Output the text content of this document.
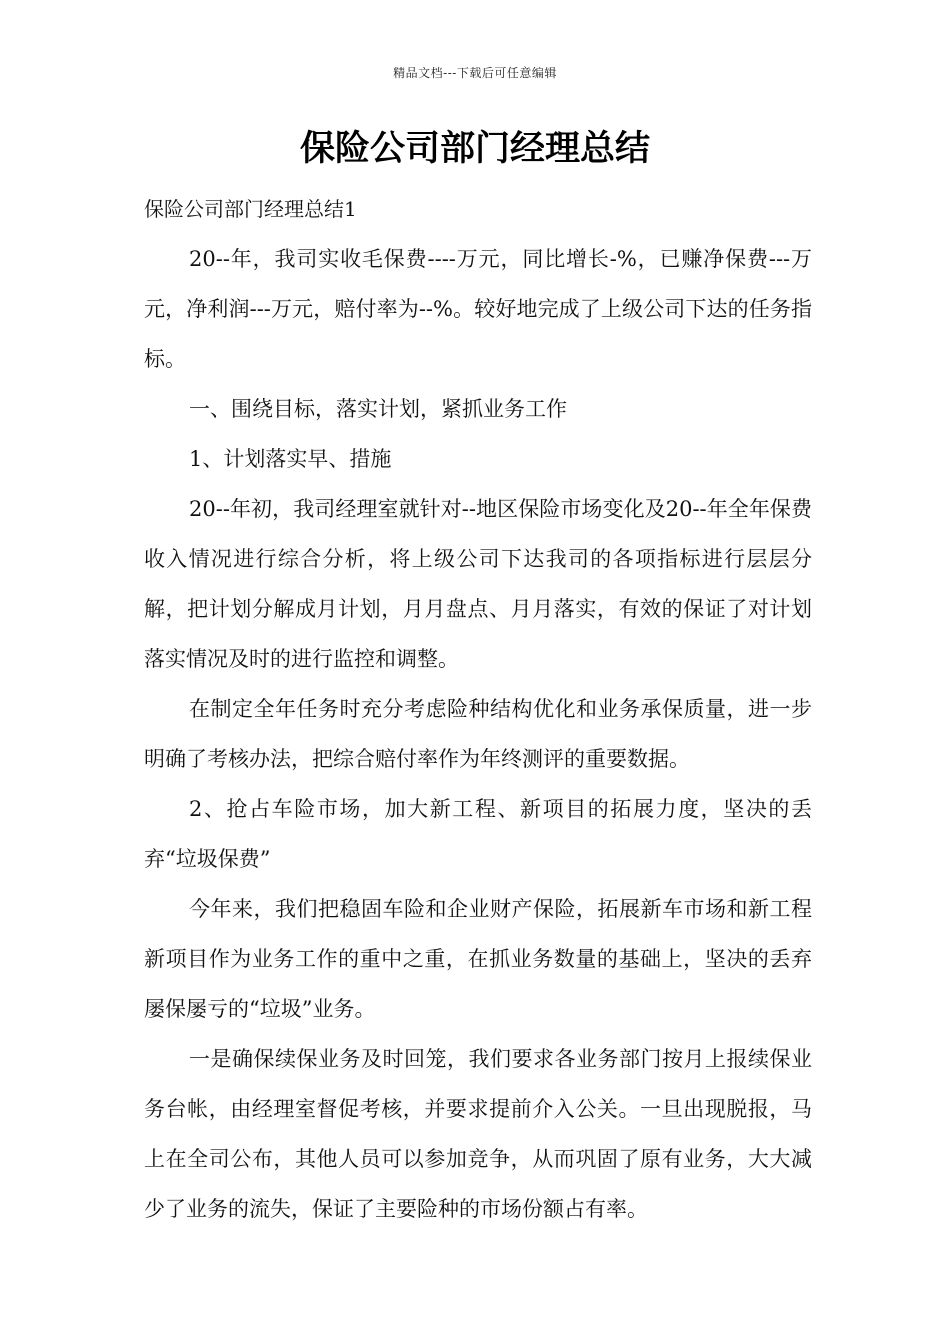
精品文档---下载后可任意编辑
保险公司部门经理总结

保险公司部门经理总结1

20--年，我司实收毛保费----万元，同比增长-%，已赚净保费---万元，净利润---万元，赔付率为--%。较好地完成了上级公司下达的任务指标。

一、围绕目标，落实计划，紧抓业务工作

1、计划落实早、措施

20--年初，我司经理室就针对--地区保险市场变化及20--年全年保费收入情况进行综合分析，将上级公司下达我司的各项指标进行层层分解，把计划分解成月计划，月月盘点、月月落实，有效的保证了对计划落实情况及时的进行监控和调整。

在制定全年任务时充分考虑险种结构优化和业务承保质量，进一步明确了考核办法，把综合赔付率作为年终测评的重要数据。

2、抢占车险市场，加大新工程、新项目的拓展力度，坚决的丢弃“垃圾保费”

今年来，我们把稳固车险和企业财产保险，拓展新车市场和新工程新项目作为业务工作的重中之重，在抓业务数量的基础上，坚决的丢弃屡保屡亏的“垃圾”业务。

一是确保续保业务及时回笼，我们要求各业务部门按月上报续保业务台帐，由经理室督促考核，并要求提前介入公关。一旦出现脱报，马上在全司公布，其他人员可以参加竞争，从而巩固了原有业务，大大减少了业务的流失，保证了主要险种的市场份额占有率。
